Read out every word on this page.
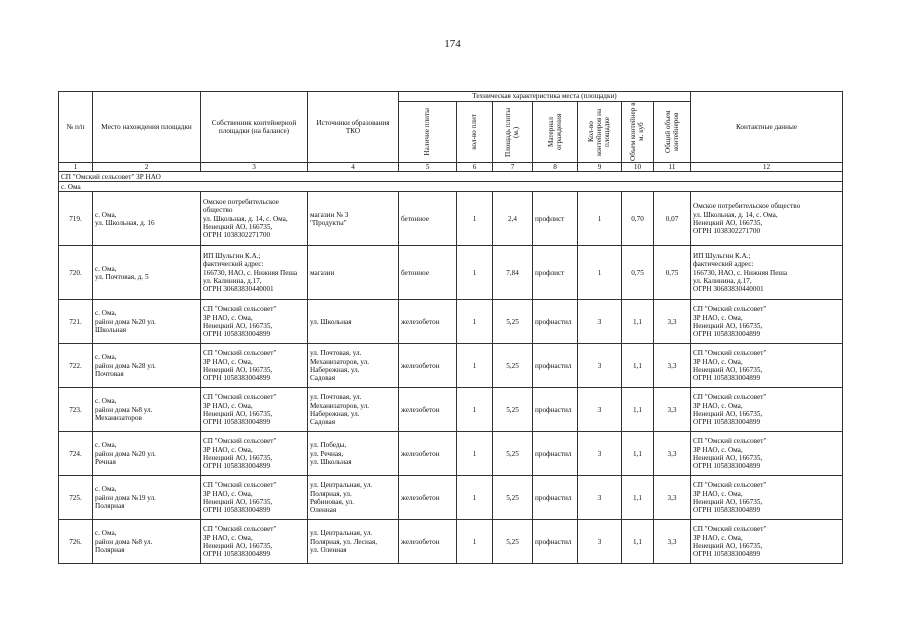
174
№ п/п	Место нахождения площадки	Собственник контейнерной площадки (на балансе)	Источники образования ТКО	Техническая характеристика места (площадки)							Контактные данные

				Наличие плиты	кол-во плит	Площадь плиты (м.)	Материал ограждения	Кол-во контейнеров на площадке	Объем контейнер в м. куб	Общий объем контейнеров	

1	2	3	4	5	6	7	8	9	10	11	12
СП "Омский сельсовет" ЗР НАО											
с. Ома											
719.	с. Ома,
ул. Школьная, д. 16	Омское потребительское общество
ул. Школьная, д. 14, с. Ома,
Ненецкий АО, 166735,
ОГРН 1038302271700	магазин № 3
"Продукты"	бетонное	1	2,4	профлист	1	0,70	0,07	Омское потребительское общество
ул. Школьная, д. 14, с. Ома,
Ненецкий АО, 166735,
ОГРН 1038302271700
720.	с. Ома,
ул. Почтовая, д. 5	ИП Шульгин К.А.;
фактический адрес:
166730, НАО, с. Нижняя Пеша
ул. Калинина, д.17,
ОГРН 30683830440001	магазин	бетонное	1	7,84	профлист	1	0,75	0,75	ИП Шульгин К.А.;
фактический адрес:
166730, НАО, с. Нижняя Пеша
ул. Калинина, д.17,
ОГРН 30683830440001
721.	с. Ома,
район дома №20 ул.
Школьная	СП "Омский сельсовет"
ЗР НАО, с. Ома,
Ненецкий АО, 166735,
ОГРН 1058383004899	ул. Школьная	железобетон	1	5,25	профнастил	3	1,1	3,3	СП "Омский сельсовет"
ЗР НАО, с. Ома,
Ненецкий АО, 166735,
ОГРН 1058383004899
722.	с. Ома,
район дома №28 ул.
Почтовая	СП "Омский сельсовет"
ЗР НАО, с. Ома,
Ненецкий АО, 166735,
ОГРН 1058383004899	ул. Почтовая, ул.
Механизаторов, ул.
Набережная, ул.
Садовая	железобетон	1	5,25	профнастил	3	1,1	3,3	СП "Омский сельсовет"
ЗР НАО, с. Ома,
Ненецкий АО, 166735,
ОГРН 1058383004899
723.	с. Ома,
район дома №8 ул.
Механизаторов	СП "Омский сельсовет"
ЗР НАО, с. Ома,
Ненецкий АО, 166735,
ОГРН 1058383004899	ул. Почтовая, ул.
Механизаторов, ул.
Набережная, ул.
Садовая	железобетон	1	5,25	профнастил	3	1,1	3,3	СП "Омский сельсовет"
ЗР НАО, с. Ома,
Ненецкий АО, 166735,
ОГРН 1058383004899
724.	с. Ома,
район дома №20 ул.
Речная	СП "Омский сельсовет"
ЗР НАО, с. Ома,
Ненецкий АО, 166735,
ОГРН 1058383004899	ул. Победы,
ул. Речная,
ул. Школьная	железобетон	1	5,25	профнастил	3	1,1	3,3	СП "Омский сельсовет"
ЗР НАО, с. Ома,
Ненецкий АО, 166735,
ОГРН 1058383004899
725.	с. Ома,
район дома №19 ул.
Полярная	СП "Омский сельсовет"
ЗР НАО, с. Ома,
Ненецкий АО, 166735,
ОГРН 1058383004899	ул. Центральная, ул.
Полярная, ул.
Рябиновая, ул.
Оленная	железобетон	1	5,25	профнастил	3	1,1	3,3	СП "Омский сельсовет"
ЗР НАО, с. Ома,
Ненецкий АО, 166735,
ОГРН 1058383004899
726.	с. Ома,
район дома №8 ул.
Полярная	СП "Омский сельсовет"
ЗР НАО, с. Ома,
Ненецкий АО, 166735,
ОГРН 1058383004899	ул. Центральная, ул.
Полярная, ул. Лесная,
ул. Оленная	железобетон	1	5,25	профнастил	3	1,1	3,3	СП "Омский сельсовет"
ЗР НАО, с. Ома,
Ненецкий АО, 166735,
ОГРН 1058383004899
